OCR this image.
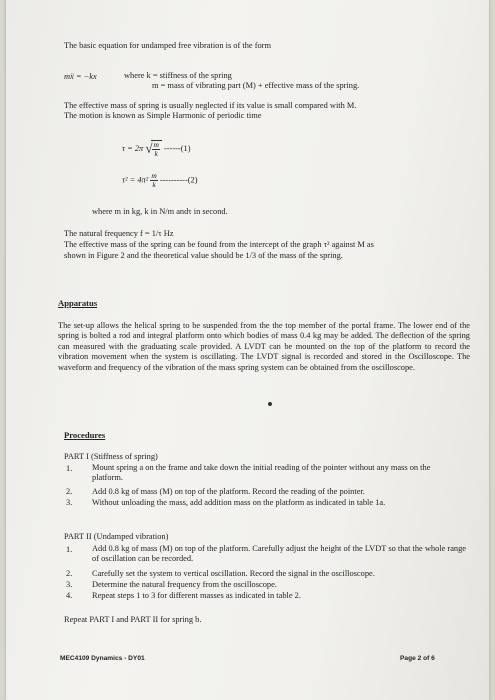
The basic equation for undamped free vibration is of the form
mẍ = −kx	where k = stiffness of the spring
m = mass of vibrating part (M) + effective mass of the spring.
The effective mass of spring is usually neglected if its value is small compared with M.
The motion is known as Simple Harmonic of periodic time
τ = 2π √ $\frac{m}{k} ------(1)$
$\tau^2 = 4\pi^2 \frac{m}{k} ----------(2)$
where m in kg, k in N/m andτ in second.
The natural frequency f = 1/τ Hz
The effective mass of the spring can be found from the intercept of the graph τ² against M as
shown in Figure 2 and the theoretical value should be 1/3 of the mass of the spring.
Apparatus
The set-up allows the helical spring to be suspended from the the top member of the portal frame. The lower end of the spring is bolted a rod and integral platform onto which bodies of mass 0.4 kg may be added. The deflection of the spring can measured with the graduating scale provided. A LVDT can be mounted on the top of the platform to record the vibration movement when the system is oscillating. The LVDT signal is recorded and stored in the Oscilloscope. The waveform and frequency of the vibration of the mass spring system can be obtained from the oscilloscope.
Procedures
PART I (Stiffness of spring)
1. Mount spring a on the frame and take down the initial reading of the pointer without any mass on the platform.
2. Add 0.8 kg of mass (M) on top of the platform. Record the reading of the pointer.
3. Without unloading the mass, add addition mass on the platform as indicated in table 1a.
PART II (Undamped vibration)
1. Add 0.8 kg of mass (M) on top of the platform. Carefully adjust the height of the LVDT so that the whole range of oscillation can be recorded.
2. Carefully set the system to vertical oscillation. Record the signal in the oscilloscope.
3. Determine the natural frequency from the oscilloscope.
4. Repeat steps 1 to 3 for different masses as indicated in table 2.
Repeat PART I and PART II for spring b.
MEC4109 Dynamics - DY01	Page 2 of 6
